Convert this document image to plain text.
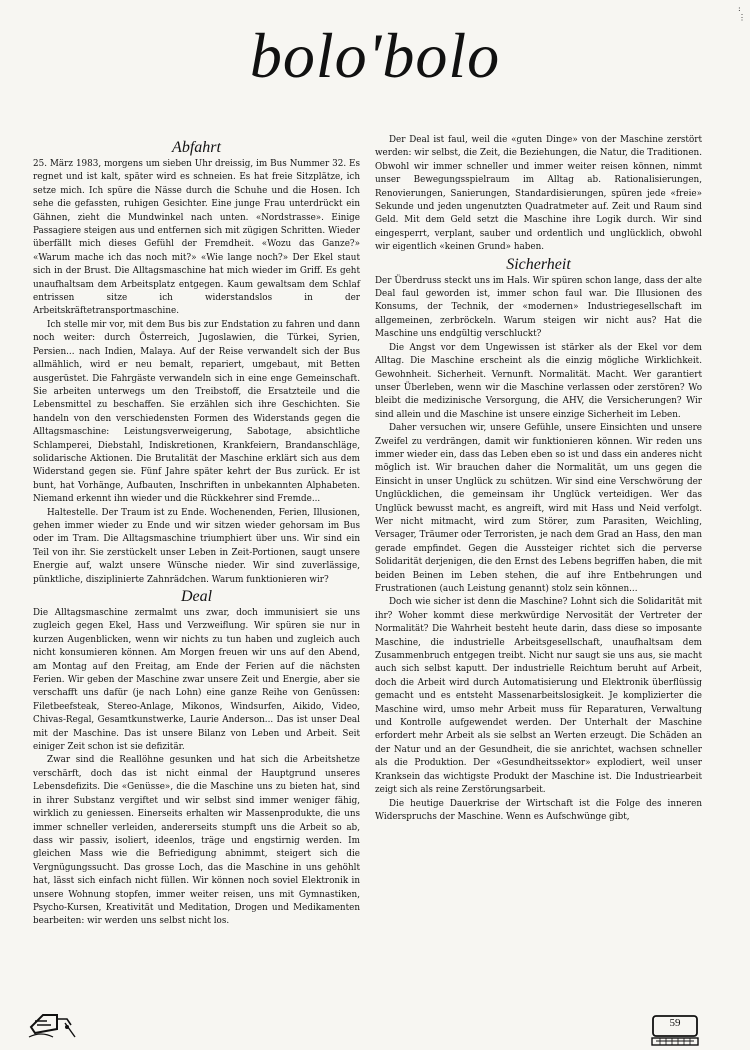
:
⋮
bolo'bolo
Abfahrt

25. März 1983, morgens um sieben Uhr dreissig, im Bus Nummer 32. Es regnet und ist kalt, später wird es schneien. Es hat freie Sitzplätze, ich setze mich. Ich spüre die Nässe durch die Schuhe und die Hosen. Ich sehe die gefassten, ruhigen Gesichter. Eine junge Frau unterdrückt ein Gähnen, zieht die Mundwinkel nach unten. «Nordstrasse». Einige Passagiere steigen aus und entfernen sich mit zügigen Schritten. Wieder überfällt mich dieses Gefühl der Fremdheit. «Wozu das Ganze?» «Warum mache ich das noch mit?» «Wie lange noch?» Der Ekel staut sich in der Brust. Die Alltagsmaschine hat mich wieder im Griff. Es geht unaufhaltsam dem Arbeitsplatz entgegen. Kaum gewaltsam dem Schlaf entrissen sitze ich widerstandslos in der Arbeitskräftetransportmaschine.

Ich stelle mir vor, mit dem Bus bis zur Endstation zu fahren und dann noch weiter: durch Österreich, Jugoslawien, die Türkei, Syrien, Persien... nach Indien, Malaya. Auf der Reise verwandelt sich der Bus allmählich, wird er neu bemalt, repariert, umgebaut, mit Betten ausgerüstet. Die Fahrgäste verwandeln sich in eine enge Gemeinschaft. Sie arbeiten unterwegs um den Treibstoff, die Ersatzteile und die Lebensmittel zu beschaffen. Sie erzählen sich ihre Geschichten. Sie handeln von den verschiedensten Formen des Widerstands gegen die Alltagsmaschine: Leistungsverweigerung, Sabotage, absichtliche Schlamperei, Diebstahl, Indiskretionen, Krankfeiern, Brandanschläge, solidarische Aktionen. Die Brutalität der Maschine erklärt sich aus dem Widerstand gegen sie. Fünf Jahre später kehrt der Bus zurück. Er ist bunt, hat Vorhänge, Aufbauten, Inschriften in unbekannten Alphabeten. Niemand erkennt ihn wieder und die Rückkehrer sind Fremde...

Haltestelle. Der Traum ist zu Ende. Wochenenden, Ferien, Illusionen, gehen immer wieder zu Ende und wir sitzen wieder gehorsam im Bus oder im Tram. Die Alltagsmaschine triumphiert über uns. Wir sind ein Teil von ihr. Sie zerstückelt unser Leben in Zeit-Portionen, saugt unsere Energie auf, walzt unsere Wünsche nieder. Wir sind zuverlässige, pünktliche, disziplinierte Zahnrädchen. Warum funktionieren wir?

Deal

Die Alltagsmaschine zermalmt uns zwar, doch immunisiert sie uns zugleich gegen Ekel, Hass und Verzweiflung. Wir spüren sie nur in kurzen Augenblicken, wenn wir nichts zu tun haben und zugleich auch nicht konsumieren können. Am Morgen freuen wir uns auf den Abend, am Montag auf den Freitag, am Ende der Ferien auf die nächsten Ferien. Wir geben der Maschine zwar unsere Zeit und Energie, aber sie verschafft uns dafür (je nach Lohn) eine ganze Reihe von Genüssen: Filetbeefsteak, Stereo-Anlage, Mikonos, Windsurfen, Aikido, Video, Chivas-Regal, Gesamtkunstwerke, Laurie Anderson... Das ist unser Deal mit der Maschine. Das ist unsere Bilanz von Leben und Arbeit. Seit einiger Zeit schon ist sie defizitär.

Zwar sind die Reallöhne gesunken und hat sich die Arbeitshetze verschärft, doch das ist nicht einmal der Hauptgrund unseres Lebensdefizits. Die «Genüsse», die die Maschine uns zu bieten hat, sind in ihrer Substanz vergiftet und wir selbst sind immer weniger fähig, wirklich zu geniessen. Einerseits erhalten wir Massenprodukte, die uns immer schneller verleiden, andererseits stumpft uns die Arbeit so ab, dass wir passiv, isoliert, ideenlos, träge und engstirnig werden. Im gleichen Mass wie die Befriedigung abnimmt, steigert sich die Vergnügungssucht. Das grosse Loch, das die Maschine in uns gehöhlt hat, lässt sich einfach nicht füllen. Wir können noch soviel Elektronik in unsere Wohnung stopfen, immer weiter reisen, uns mit Gymnastiken, Psycho-Kursen, Kreativität und Meditation, Drogen und Medikamenten bearbeiten: wir werden uns selbst nicht los.

Der Deal ist faul, weil die «guten Dinge» von der Maschine zerstört werden: wir selbst, die Zeit, die Beziehungen, die Natur, die Traditionen. Obwohl wir immer schneller und immer weiter reisen können, nimmt unser Bewegungsspielraum im Alltag ab. Rationalisierungen, Renovierungen, Sanierungen, Standardisierungen, spüren jede «freie» Sekunde und jeden ungenutzten Quadratmeter auf. Zeit und Raum sind Geld. Mit dem Geld setzt die Maschine ihre Logik durch. Wir sind eingesperrt, verplant, sauber und ordentlich und unglücklich, obwohl wir eigentlich «keinen Grund» haben.

Sicherheit

Der Überdruss steckt uns im Hals. Wir spüren schon lange, dass der alte Deal faul geworden ist, immer schon faul war. Die Illusionen des Konsums, der Technik, der «modernen» Industriegesellschaft im allgemeinen, zerbröckeln. Warum steigen wir nicht aus? Hat die Maschine uns endgültig verschluckt?

Die Angst vor dem Ungewissen ist stärker als der Ekel vor dem Alltag. Die Maschine erscheint als die einzig mögliche Wirklichkeit. Gewohnheit. Sicherheit. Vernunft. Normalität. Macht. Wer garantiert unser Überleben, wenn wir die Maschine verlassen oder zerstören? Wo bleibt die medizinische Versorgung, die AHV, die Versicherungen? Wir sind allein und die Maschine ist unsere einzige Sicherheit im Leben.

Daher versuchen wir, unsere Gefühle, unsere Einsichten und unsere Zweifel zu verdrängen, damit wir funktionieren können. Wir reden uns immer wieder ein, dass das Leben eben so ist und dass ein anderes nicht möglich ist. Wir brauchen daher die Normalität, um uns gegen die Einsicht in unser Unglück zu schützen. Wir sind eine Verschwörung der Unglücklichen, die gemeinsam ihr Unglück verteidigen. Wer das Unglück bewusst macht, es angreift, wird mit Hass und Neid verfolgt. Wer nicht mitmacht, wird zum Störer, zum Parasiten, Weichling, Versager, Träumer oder Terroristen, je nach dem Grad an Hass, den man gerade empfindet. Gegen die Aussteiger richtet sich die perverse Solidarität derjenigen, die den Ernst des Lebens begriffen haben, die mit beiden Beinen im Leben stehen, die auf ihre Entbehrungen und Frustrationen (auch Leistung genannt) stolz sein können...

Doch wie sicher ist denn die Maschine? Lohnt sich die Solidarität mit ihr? Woher kommt diese merkwürdige Nervosität der Vertreter der Normalität? Die Wahrheit besteht heute darin, dass diese so imposante Maschine, die industrielle Arbeitsgesellschaft, unaufhaltsam dem Zusammenbruch entgegen treibt. Nicht nur saugt sie uns aus, sie macht auch sich selbst kaputt. Der industrielle Reichtum beruht auf Arbeit, doch die Arbeit wird durch Automatisierung und Elektronik überflüssig gemacht und es entsteht Massenarbeitslosigkeit. Je komplizierter die Maschine wird, umso mehr Arbeit muss für Reparaturen, Verwaltung und Kontrolle aufgewendet werden. Der Unterhalt der Maschine erfordert mehr Arbeit als sie selbst an Werten erzeugt. Die Schäden an der Natur und an der Gesundheit, die sie anrichtet, wachsen schneller als die Produktion. Der «Gesundheitssektor» explodiert, weil unser Kranksein das wichtigste Produkt der Maschine ist. Die Industriearbeit zeigt sich als reine Zerstörungsarbeit.

Die heutige Dauerkrise der Wirtschaft ist die Folge des inneren Widerspruchs der Maschine. Wenn es Aufschwünge gibt,

59
